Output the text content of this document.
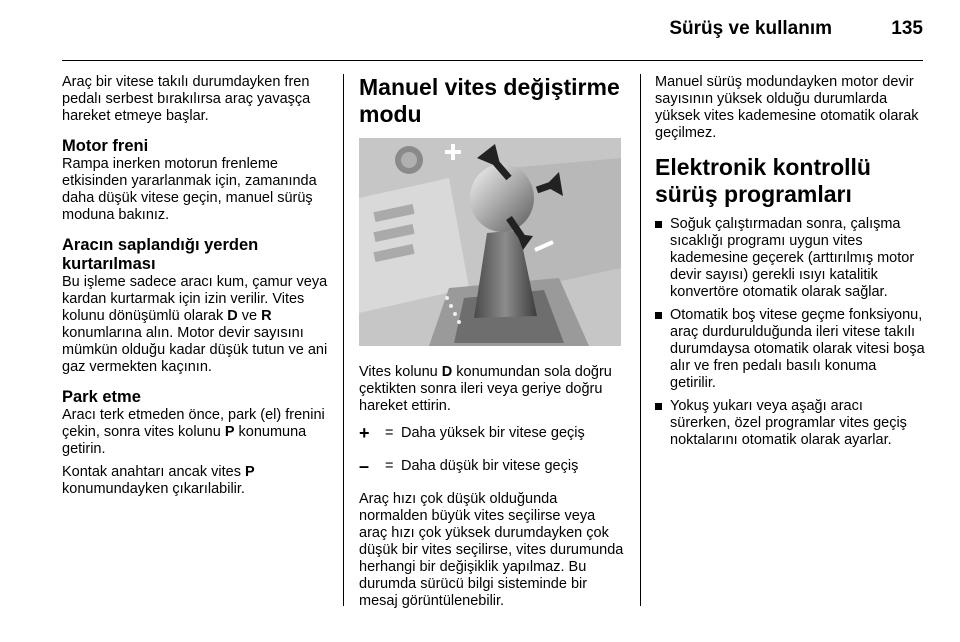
Sürüş ve kullanım	135

Araç bir vitese takılı durumdayken fren pedalı serbest bırakılırsa araç yavaşça hareket etmeye başlar.

Motor freni

Rampa inerken motorun frenleme etkisinden yararlanmak için, zamanında daha düşük vitese geçin, manuel sürüş moduna bakınız.

Aracın saplandığı yerden kurtarılması

Bu işleme sadece aracı kum, çamur veya kardan kurtarmak için izin verilir. Vites kolunu dönüşümlü olarak D ve R konumlarına alın. Motor devir sayısını mümkün olduğu kadar düşük tutun ve ani gaz vermekten kaçının.

Park etme

Aracı terk etmeden önce, park (el) frenini çekin, sonra vites kolunu P konumuna getirin.

Kontak anahtarı ancak vites P konumundayken çıkarılabilir.

Manuel vites değiştirme modu

Vites kolunu D konumundan sola doğru çektikten sonra ileri veya geriye doğru hareket ettirin.

+	= Daha yüksek bir vitese geçiş
–	= Daha düşük bir vitese geçiş

Araç hızı çok düşük olduğunda normalden büyük vites seçilirse veya araç hızı çok yüksek durumdayken çok düşük bir vites seçilirse, vites durumunda herhangi bir değişiklik yapılmaz. Bu durumda sürücü bilgi sisteminde bir mesaj görüntülenebilir.

Manuel sürüş modundayken motor devir sayısının yüksek olduğu durumlarda yüksek vites kademesine otomatik olarak geçilmez.

Elektronik kontrollü sürüş programları
Soğuk çalıştırmadan sonra, çalışma sıcaklığı programı uygun vites kademesine geçerek (arttırılmış motor devir sayısı) gerekli ısıyı katalitik konvertöre otomatik olarak sağlar.
Otomatik boş vitese geçme fonksiyonu, araç durdurulduğunda ileri vitese takılı durumdaysa otomatik olarak vitesi boşa alır ve fren pedalı basılı konuma getirilir.
Yokuş yukarı veya aşağı aracı sürerken, özel programlar vites geçiş noktalarını otomatik olarak ayarlar.
